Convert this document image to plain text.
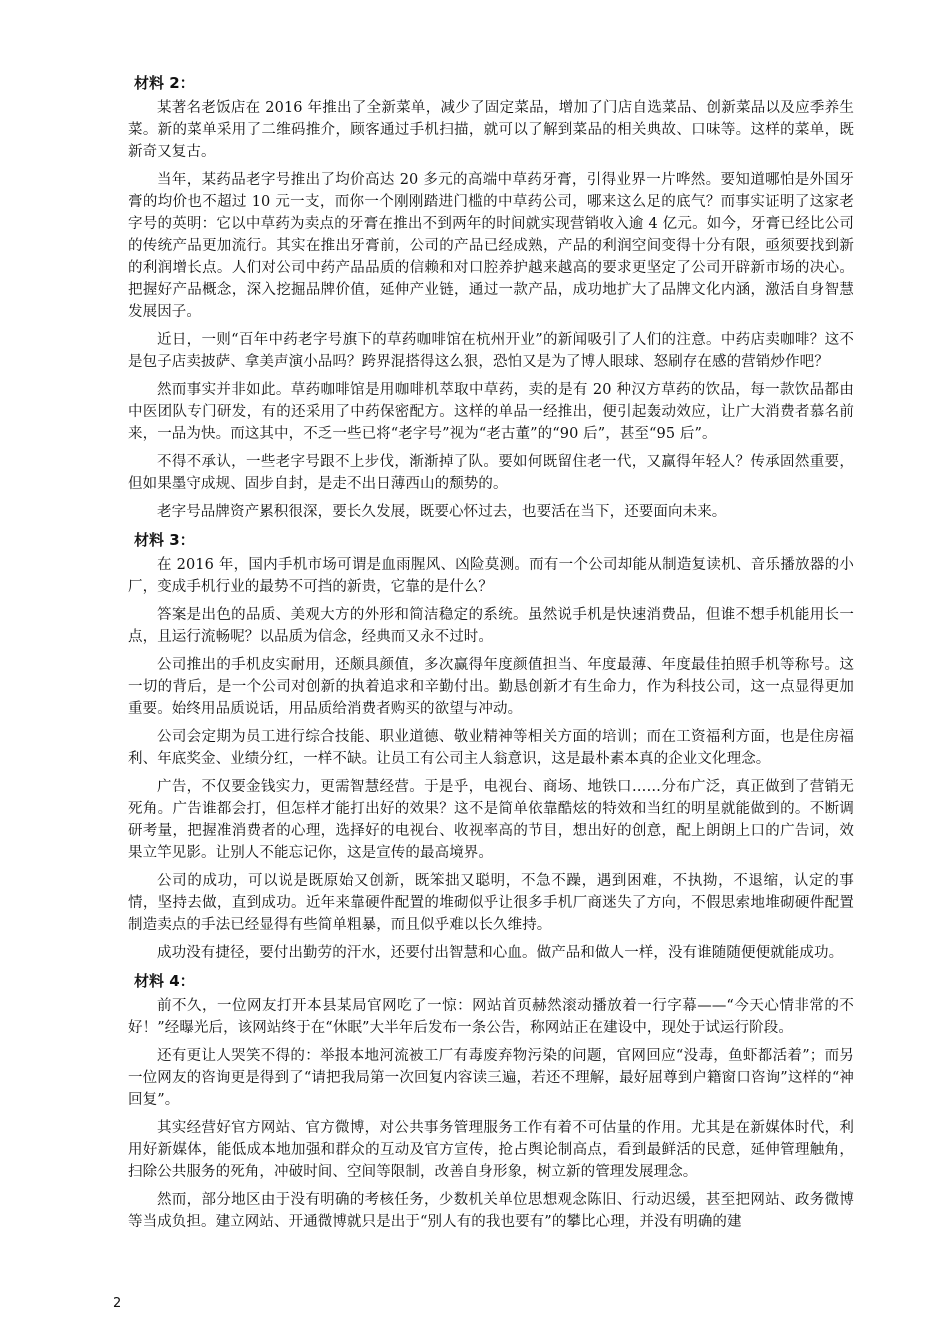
材料 2：

某著名老饭店在 2016 年推出了全新菜单，减少了固定菜品，增加了门店自选菜品、创新菜品以及应季养生菜。新的菜单采用了二维码推介，顾客通过手机扫描，就可以了解到菜品的相关典故、口味等。这样的菜单，既新奇又复古。

当年，某药品老字号推出了均价高达 20 多元的高端中草药牙膏，引得业界一片哗然。要知道哪怕是外国牙膏的均价也不超过 10 元一支，而你一个刚刚踏进门槛的中草药公司，哪来这么足的底气？而事实证明了这家老字号的英明：它以中草药为卖点的牙膏在推出不到两年的时间就实现营销收入逾 4 亿元。如今，牙膏已经比公司的传统产品更加流行。其实在推出牙膏前，公司的产品已经成熟，产品的利润空间变得十分有限，亟须要找到新的利润增长点。人们对公司中药产品品质的信赖和对口腔养护越来越高的要求更坚定了公司开辟新市场的决心。把握好产品概念，深入挖掘品牌价值，延伸产业链，通过一款产品，成功地扩大了品牌文化内涵，激活自身智慧发展因子。

近日，一则“百年中药老字号旗下的草药咖啡馆在杭州开业”的新闻吸引了人们的注意。中药店卖咖啡？这不是包子店卖披萨、拿美声演小品吗？跨界混搭得这么狠，恐怕又是为了博人眼球、怒刷存在感的营销炒作吧？

然而事实并非如此。草药咖啡馆是用咖啡机萃取中草药，卖的是有 20 种汉方草药的饮品，每一款饮品都由中医团队专门研发，有的还采用了中药保密配方。这样的单品一经推出，便引起轰动效应，让广大消费者慕名前来，一品为快。而这其中，不乏一些已将“老字号”视为“老古董”的“90 后”，甚至“95 后”。

不得不承认，一些老字号跟不上步伐，渐渐掉了队。要如何既留住老一代，又赢得年轻人？传承固然重要，但如果墨守成规、固步自封，是走不出日薄西山的颓势的。

老字号品牌资产累积很深，要长久发展，既要心怀过去，也要活在当下，还要面向未来。

材料 3：

在 2016 年，国内手机市场可谓是血雨腥风、凶险莫测。而有一个公司却能从制造复读机、音乐播放器的小厂，变成手机行业的最势不可挡的新贵，它靠的是什么？

答案是出色的品质、美观大方的外形和简洁稳定的系统。虽然说手机是快速消费品，但谁不想手机能用长一点，且运行流畅呢？以品质为信念，经典而又永不过时。

公司推出的手机皮实耐用，还颇具颜值，多次赢得年度颜值担当、年度最薄、年度最佳拍照手机等称号。这一切的背后，是一个公司对创新的执着追求和辛勤付出。勤恳创新才有生命力，作为科技公司，这一点显得更加重要。始终用品质说话，用品质给消费者购买的欲望与冲动。

公司会定期为员工进行综合技能、职业道德、敬业精神等相关方面的培训；而在工资福利方面，也是住房福利、年底奖金、业绩分红，一样不缺。让员工有公司主人翁意识，这是最朴素本真的企业文化理念。

广告，不仅要金钱实力，更需智慧经营。于是乎，电视台、商场、地铁口……分布广泛，真正做到了营销无死角。广告谁都会打，但怎样才能打出好的效果？这不是简单依靠酷炫的特效和当红的明星就能做到的。不断调研考量，把握准消费者的心理，选择好的电视台、收视率高的节目，想出好的创意，配上朗朗上口的广告词，效果立竿见影。让别人不能忘记你，这是宣传的最高境界。

公司的成功，可以说是既原始又创新，既笨拙又聪明，不急不躁，遇到困难，不执拗，不退缩，认定的事情，坚持去做，直到成功。近年来靠硬件配置的堆砌似乎让很多手机厂商迷失了方向，不假思索地堆砌硬件配置制造卖点的手法已经显得有些简单粗暴，而且似乎难以长久维持。

成功没有捷径，要付出勤劳的汗水，还要付出智慧和心血。做产品和做人一样，没有谁随随便便就能成功。

材料 4：

前不久，一位网友打开本县某局官网吃了一惊：网站首页赫然滚动播放着一行字幕——“今天心情非常的不好！”经曝光后，该网站终于在“休眠”大半年后发布一条公告，称网站正在建设中，现处于试运行阶段。

还有更让人哭笑不得的：举报本地河流被工厂有毒废弃物污染的问题，官网回应“没毒，鱼虾都活着”；而另一位网友的咨询更是得到了“请把我局第一次回复内容读三遍，若还不理解，最好屈尊到户籍窗口咨询”这样的“神回复”。

其实经营好官方网站、官方微博，对公共事务管理服务工作有着不可估量的作用。尤其是在新媒体时代，利用好新媒体，能低成本地加强和群众的互动及官方宣传，抢占舆论制高点，看到最鲜活的民意，延伸管理触角，扫除公共服务的死角，冲破时间、空间等限制，改善自身形象，树立新的管理发展理念。

然而，部分地区由于没有明确的考核任务，少数机关单位思想观念陈旧、行动迟缓，甚至把网站、政务微博等当成负担。建立网站、开通微博就只是出于“别人有的我也要有”的攀比心理，并没有明确的建

2
